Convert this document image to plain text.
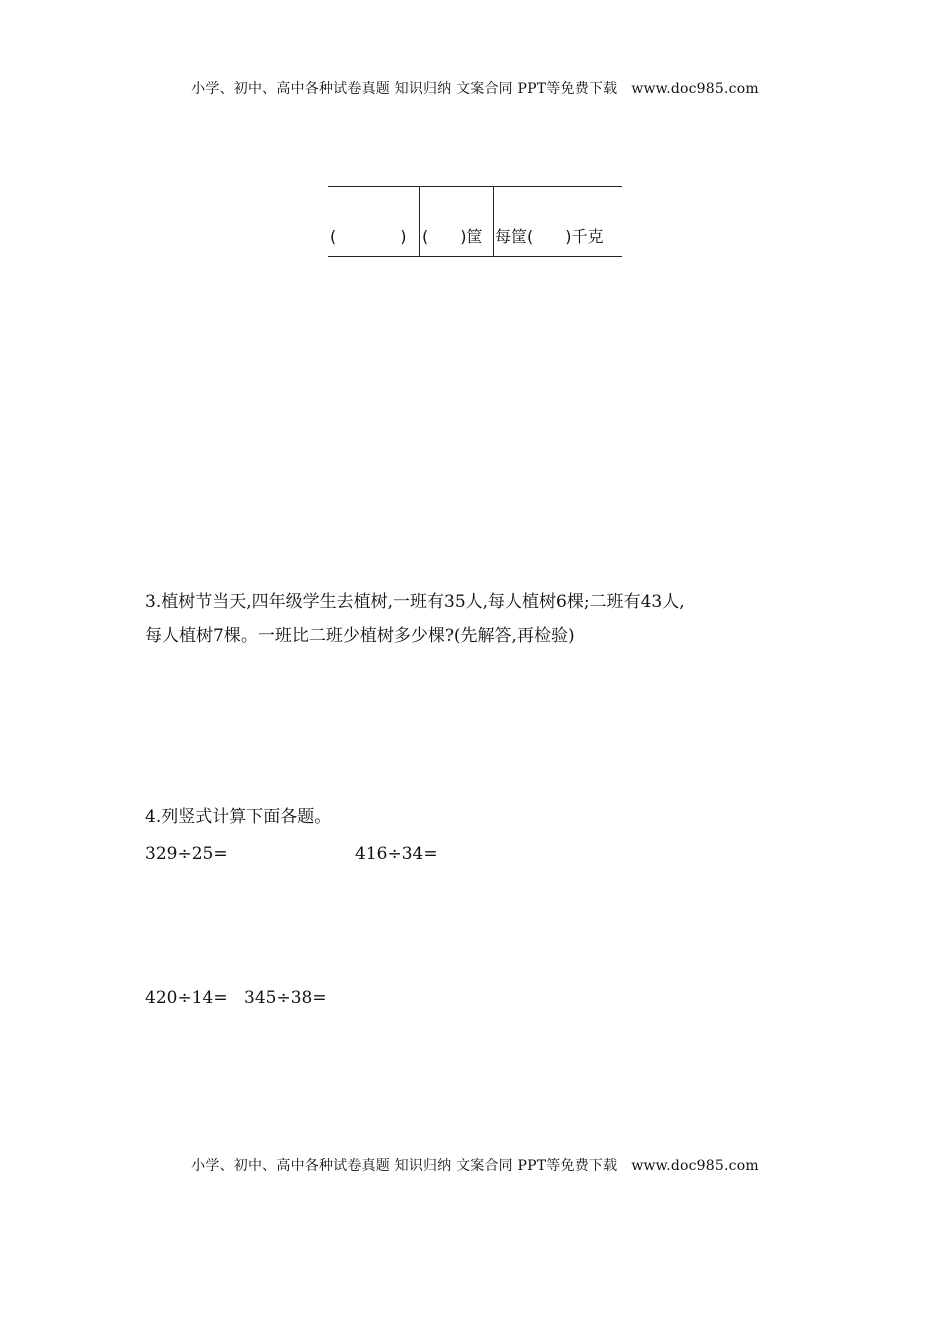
小学、初中、高中各种试卷真题 知识归纳 文案合同 PPT等免费下载 www.doc985.com
(　　　　) (　　)筐 每筐(　　)千克
3.植树节当天,四年级学生去植树,一班有35人,每人植树6棵;二班有43人,
每人植树7棵。一班比二班少植树多少棵?(先解答,再检验)
4.列竖式计算下面各题。
329÷25=	416÷34=
420÷14= 345÷38=
小学、初中、高中各种试卷真题 知识归纳 文案合同 PPT等免费下载 www.doc985.com
